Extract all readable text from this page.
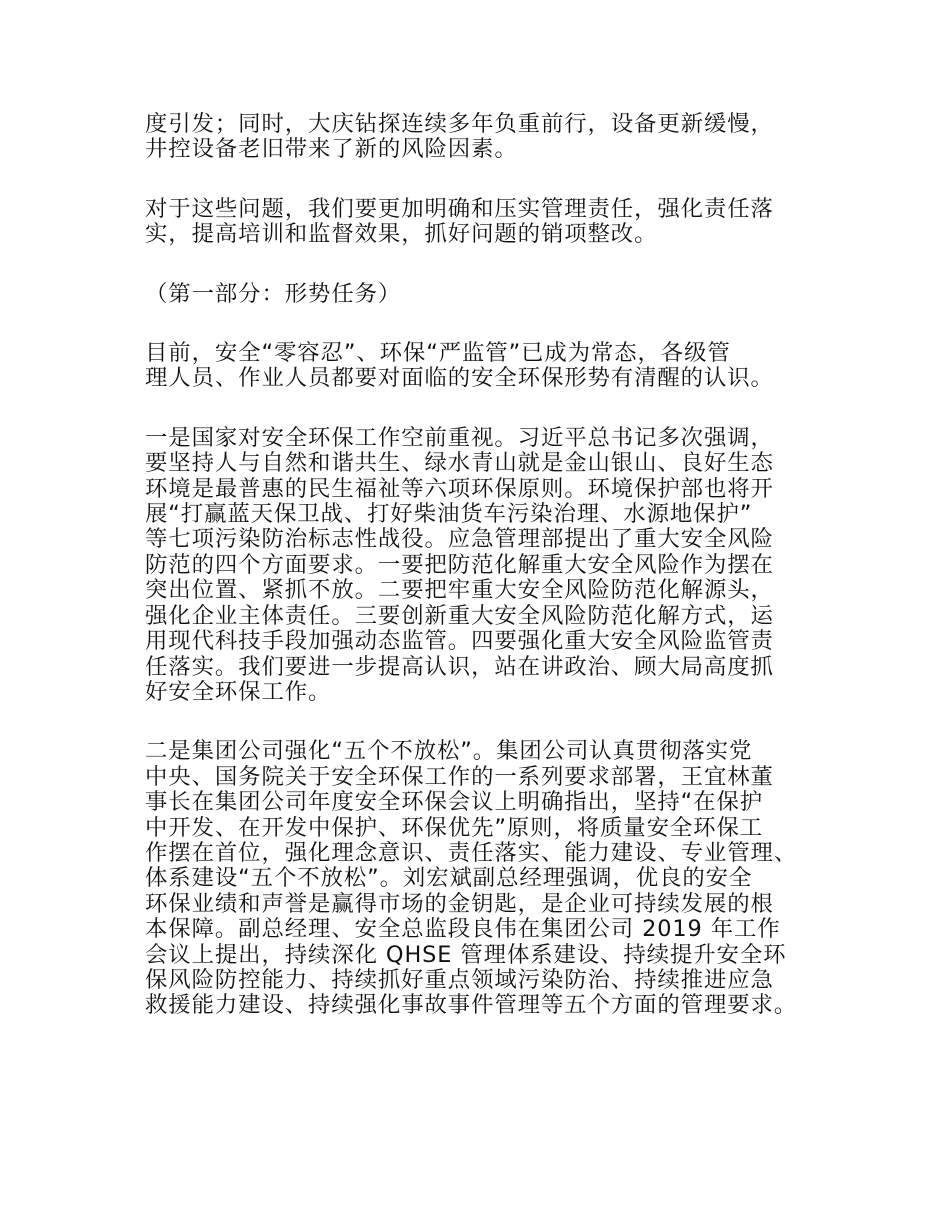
度引发；同时，大庆钻探连续多年负重前行，设备更新缓慢，
井控设备老旧带来了新的风险因素。

对于这些问题，我们要更加明确和压实管理责任，强化责任落
实，提高培训和监督效果，抓好问题的销项整改。

（第一部分：形势任务）

目前，安全“零容忍”、环保“严监管”已成为常态，各级管
理人员、作业人员都要对面临的安全环保形势有清醒的认识。

一是国家对安全环保工作空前重视。习近平总书记多次强调，
要坚持人与自然和谐共生、绿水青山就是金山银山、良好生态
环境是最普惠的民生福祉等六项环保原则。环境保护部也将开
展“打赢蓝天保卫战、打好柴油货车污染治理、水源地保护”
等七项污染防治标志性战役。应急管理部提出了重大安全风险
防范的四个方面要求。一要把防范化解重大安全风险作为摆在
突出位置、紧抓不放。二要把牢重大安全风险防范化解源头，
强化企业主体责任。三要创新重大安全风险防范化解方式，运
用现代科技手段加强动态监管。四要强化重大安全风险监管责
任落实。我们要进一步提高认识，站在讲政治、顾大局高度抓
好安全环保工作。

二是集团公司强化“五个不放松”。集团公司认真贯彻落实党
中央、国务院关于安全环保工作的一系列要求部署，王宜林董
事长在集团公司年度安全环保会议上明确指出，坚持“在保护
中开发、在开发中保护、环保优先”原则，将质量安全环保工
作摆在首位，强化理念意识、责任落实、能力建设、专业管理、
体系建设“五个不放松”。刘宏斌副总经理强调，优良的安全
环保业绩和声誉是赢得市场的金钥匙，是企业可持续发展的根
本保障。副总经理、安全总监段良伟在集团公司 2019 年工作
会议上提出，持续深化 QHSE 管理体系建设、持续提升安全环
保风险防控能力、持续抓好重点领域污染防治、持续推进应急
救援能力建设、持续强化事故事件管理等五个方面的管理要求。
